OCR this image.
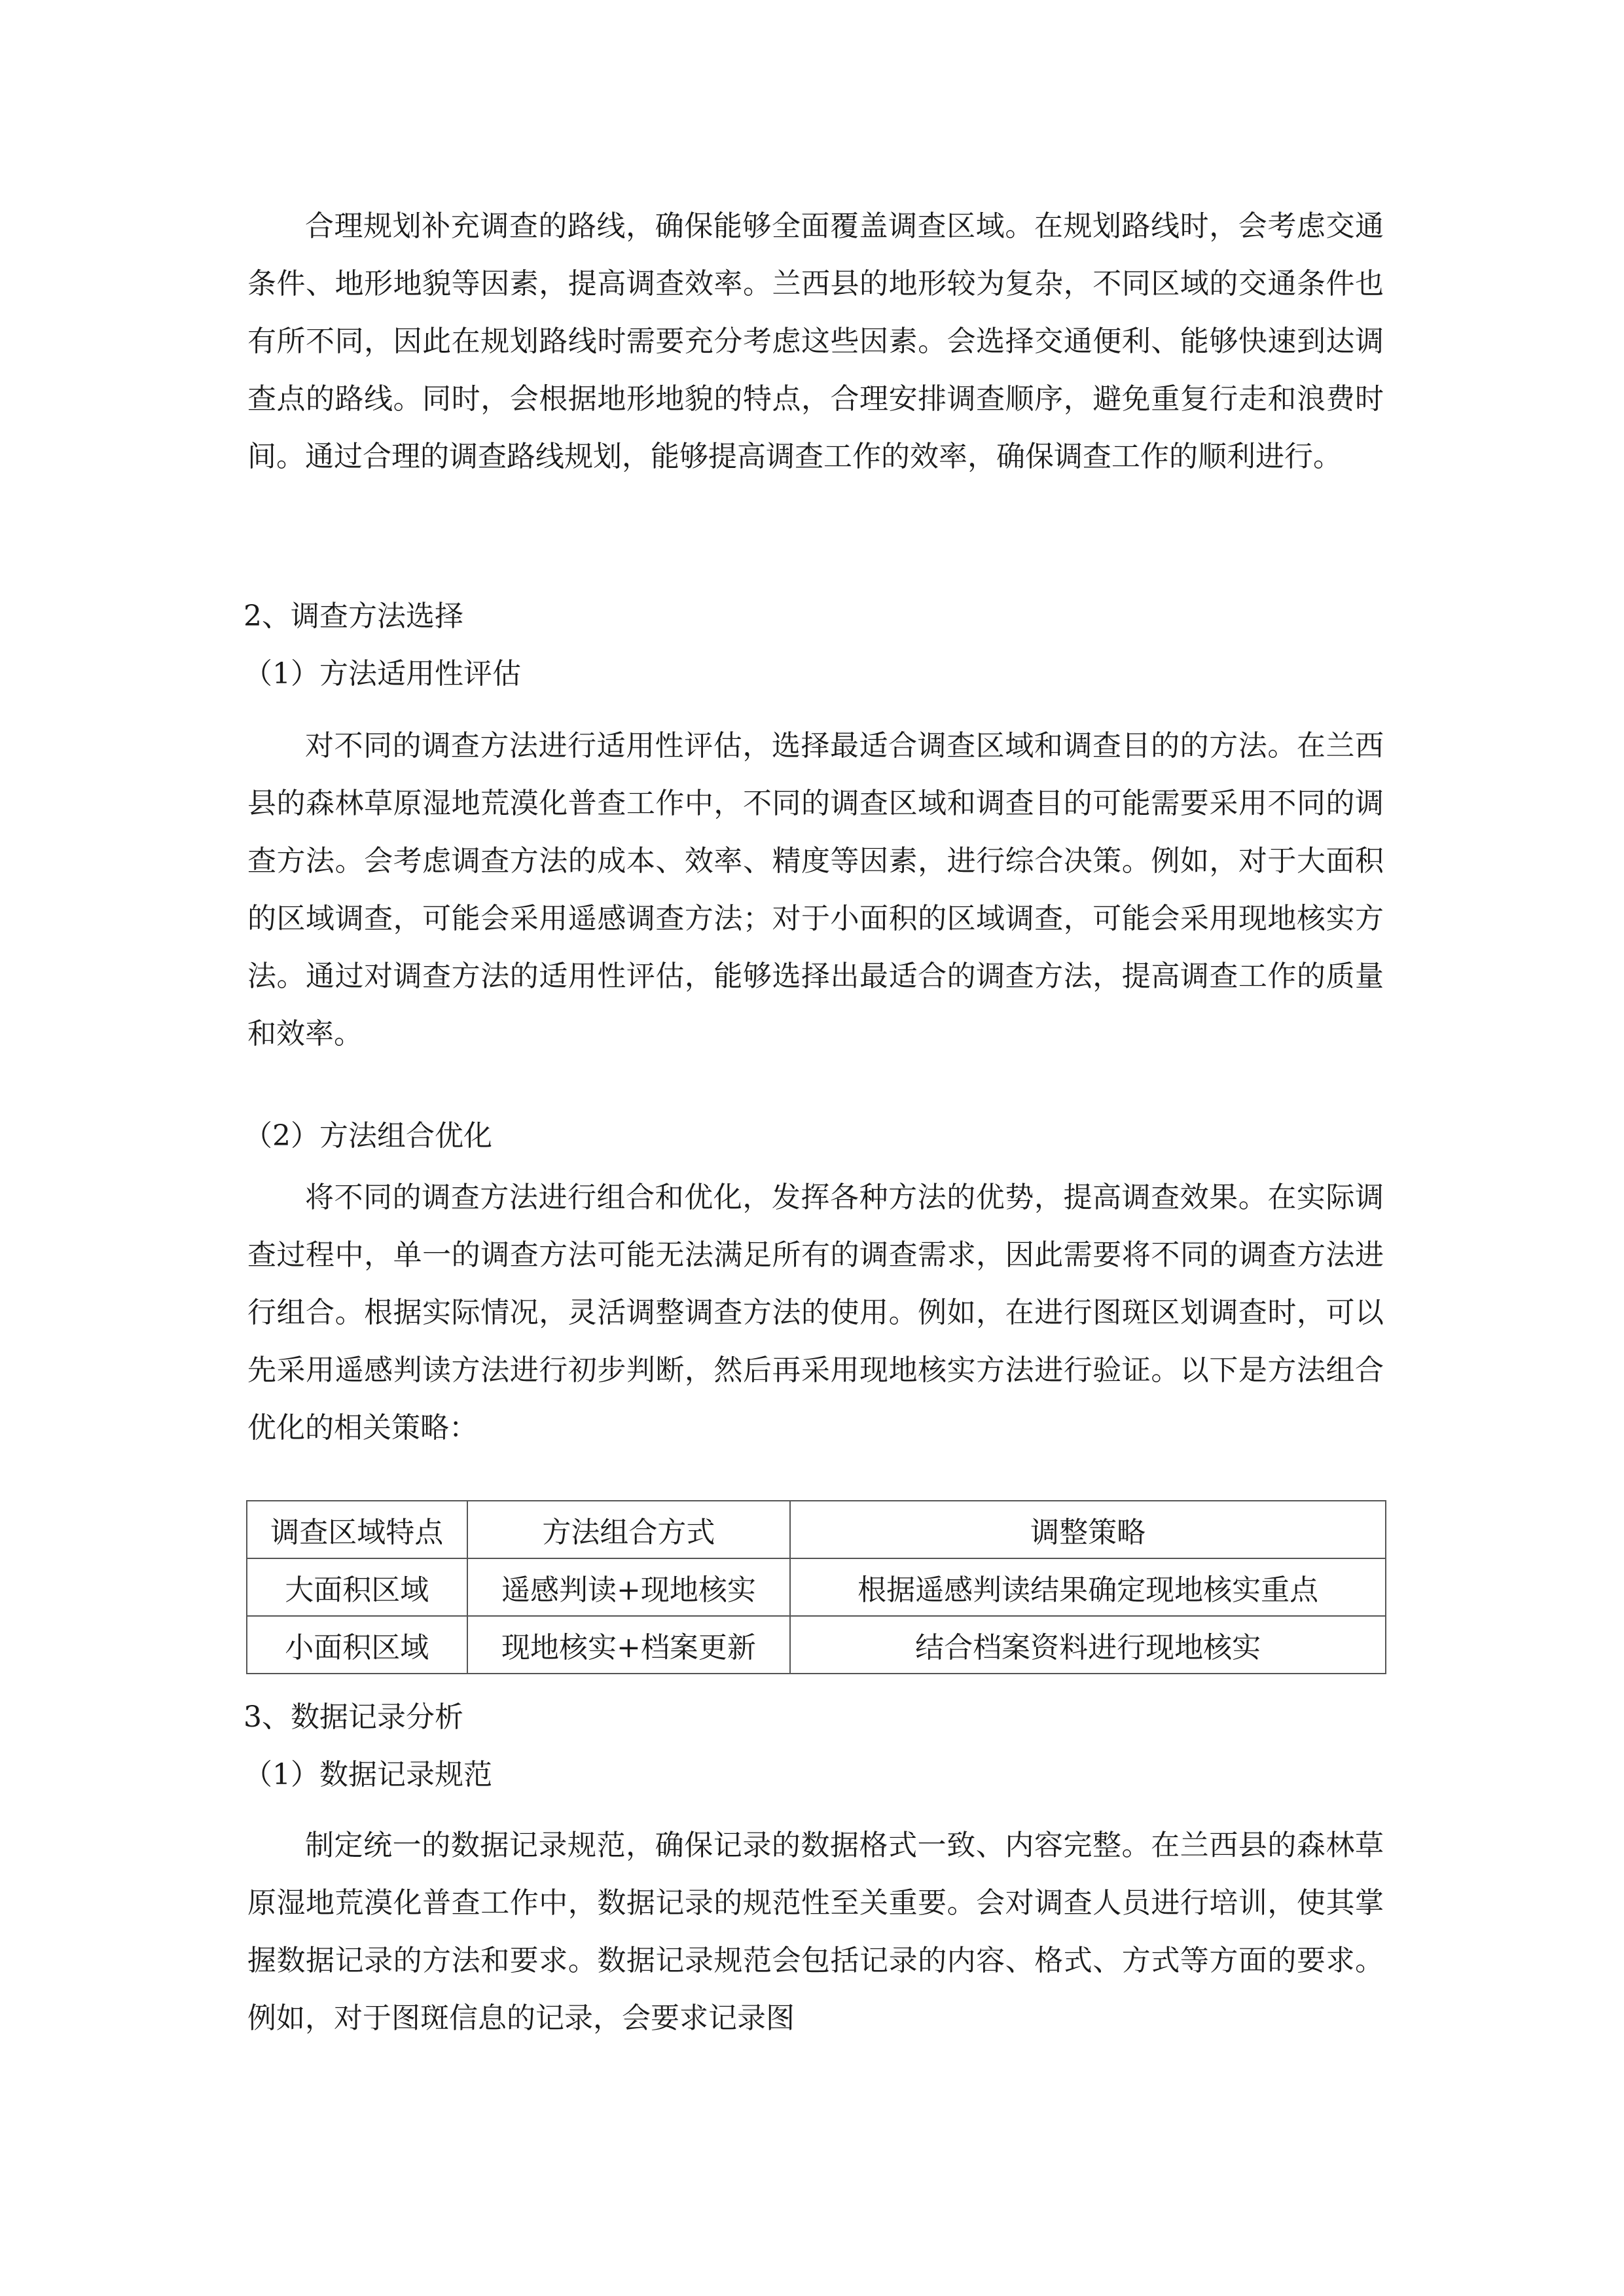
合理规划补充调查的路线，确保能够全面覆盖调查区域。在规划路线时，会考虑交通条件、地形地貌等因素，提高调查效率。兰西县的地形较为复杂，不同区域的交通条件也有所不同，因此在规划路线时需要充分考虑这些因素。会选择交通便利、能够快速到达调查点的路线。同时，会根据地形地貌的特点，合理安排调查顺序，避免重复行走和浪费时间。通过合理的调查路线规划，能够提高调查工作的效率，确保调查工作的顺利进行。

2、调查方法选择

（1）方法适用性评估

对不同的调查方法进行适用性评估，选择最适合调查区域和调查目的的方法。在兰西县的森林草原湿地荒漠化普查工作中，不同的调查区域和调查目的可能需要采用不同的调查方法。会考虑调查方法的成本、效率、精度等因素，进行综合决策。例如，对于大面积的区域调查，可能会采用遥感调查方法；对于小面积的区域调查，可能会采用现地核实方法。通过对调查方法的适用性评估，能够选择出最适合的调查方法，提高调查工作的质量和效率。

（2）方法组合优化

将不同的调查方法进行组合和优化，发挥各种方法的优势，提高调查效果。在实际调查过程中，单一的调查方法可能无法满足所有的调查需求，因此需要将不同的调查方法进行组合。根据实际情况，灵活调整调查方法的使用。例如，在进行图斑区划调查时，可以先采用遥感判读方法进行初步判断，然后再采用现地核实方法进行验证。以下是方法组合优化的相关策略：

调查区域特点	方法组合方式	调整策略
大面积区域	遥感判读+现地核实	根据遥感判读结果确定现地核实重点
小面积区域	现地核实+档案更新	结合档案资料进行现地核实

3、数据记录分析

（1）数据记录规范

制定统一的数据记录规范，确保记录的数据格式一致、内容完整。在兰西县的森林草原湿地荒漠化普查工作中，数据记录的规范性至关重要。会对调查人员进行培训，使其掌握数据记录的方法和要求。数据记录规范会包括记录的内容、格式、方式等方面的要求。例如，对于图斑信息的记录，会要求记录图
